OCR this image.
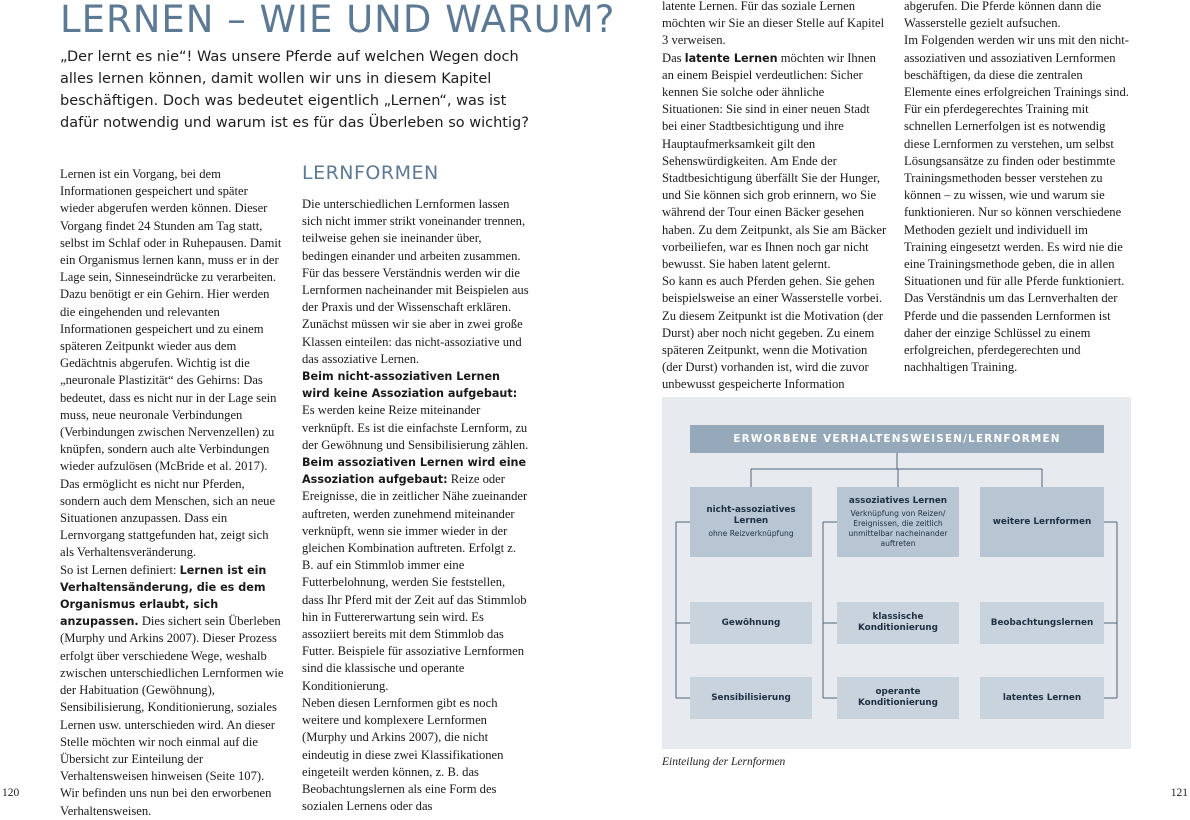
LERNEN – WIE UND WARUM?

„Der lernt es nie“! Was unsere Pferde auf welchen Wegen doch alles lernen können, damit wollen wir uns in diesem Kapitel beschäftigen. Doch was bedeutet eigentlich „Lernen“, was ist dafür notwendig und warum ist es für das Überleben so wichtig?

Lernen ist ein Vorgang, bei dem Informationen gespeichert und später wieder abgerufen werden können. Dieser Vorgang findet 24 Stunden am Tag statt, selbst im Schlaf oder in Ruhepausen. Damit ein Organismus lernen kann, muss er in der Lage sein, Sinneseindrücke zu verarbeiten. Dazu benötigt er ein Gehirn. Hier werden die eingehenden und relevanten Informationen gespeichert und zu einem späteren Zeitpunkt wieder aus dem Gedächtnis abgerufen. Wichtig ist die „neuronale Plastizität“ des Gehirns: Das bedeutet, dass es nicht nur in der Lage sein muss, neue neuronale Verbindungen (Verbindungen zwischen Nervenzellen) zu knüpfen, sondern auch alte Verbindungen wieder aufzulösen (McBride et al. 2017). Das ermöglicht es nicht nur Pferden, sondern auch dem Menschen, sich an neue Situationen anzupassen. Dass ein Lernvorgang stattgefunden hat, zeigt sich als Verhaltensveränderung.

So ist Lernen definiert: Lernen ist ein Verhaltensänderung, die es dem Organismus erlaubt, sich anzupassen. Dies sichert sein Überleben (Murphy und Arkins 2007). Dieser Prozess erfolgt über verschiedene Wege, weshalb zwischen unterschiedlichen Lernformen wie der Habituation (Gewöhnung), Sensibilisierung, Konditionierung, soziales Lernen usw. unterschieden wird. An dieser Stelle möchten wir noch einmal auf die Übersicht zur Einteilung der Verhaltensweisen hinweisen (Seite 107). Wir befinden uns nun bei den erworbenen Verhaltensweisen.

LERNFORMEN

Die unterschiedlichen Lernformen lassen sich nicht immer strikt voneinander trennen, teilweise gehen sie ineinander über, bedingen einander und arbeiten zusammen. Für das bessere Verständnis werden wir die Lernformen nacheinander mit Beispielen aus der Praxis und der Wissenschaft erklären. Zunächst müssen wir sie aber in zwei große Klassen einteilen: das nicht-assoziative und das assoziative Lernen.

Beim nicht-assoziativen Lernen wird keine Assoziation aufgebaut: Es werden keine Reize miteinander verknüpft. Es ist die einfachste Lernform, zu der Gewöhnung und Sensibilisierung zählen.

Beim assoziativen Lernen wird eine Assoziation aufgebaut: Reize oder Ereignisse, die in zeitlicher Nähe zueinander auftreten, werden zunehmend miteinander verknüpft, wenn sie immer wieder in der gleichen Kombination auftreten. Erfolgt z. B. auf ein Stimmlob immer eine Futterbelohnung, werden Sie feststellen, dass Ihr Pferd mit der Zeit auf das Stimmlob hin in Futtererwartung sein wird. Es assoziiert bereits mit dem Stimmlob das Futter. Beispiele für assoziative Lernformen sind die klassische und operante Konditionierung.

Neben diesen Lernformen gibt es noch weitere und komplexere Lernformen (Murphy und Arkins 2007), die nicht eindeutig in diese zwei Klassifikationen eingeteilt werden können, z. B. das Beobachtungslernen als eine Form des sozialen Lernens oder das

120

latente Lernen. Für das soziale Lernen möchten wir Sie an dieser Stelle auf Kapitel 3 verweisen.

Das latente Lernen möchten wir Ihnen an einem Beispiel verdeutlichen: Sicher kennen Sie solche oder ähnliche Situationen: Sie sind in einer neuen Stadt bei einer Stadtbesichtigung und ihre Hauptaufmerksamkeit gilt den Sehenswürdigkeiten. Am Ende der Stadtbesichtigung überfällt Sie der Hunger, und Sie können sich grob erinnern, wo Sie während der Tour einen Bäcker gesehen haben. Zu dem Zeitpunkt, als Sie am Bäcker vorbeiliefen, war es Ihnen noch gar nicht bewusst. Sie haben latent gelernt.

So kann es auch Pferden gehen. Sie gehen beispielsweise an einer Wasserstelle vorbei. Zu diesem Zeitpunkt ist die Motivation (der Durst) aber noch nicht gegeben. Zu einem späteren Zeitpunkt, wenn die Motivation (der Durst) vorhanden ist, wird die zuvor unbewusst gespeicherte Information

abgerufen. Die Pferde können dann die Wasserstelle gezielt aufsuchen.

Im Folgenden werden wir uns mit den nicht-assoziativen und assoziativen Lernformen beschäftigen, da diese die zentralen Elemente eines erfolgreichen Trainings sind. Für ein pferdegerechtes Training mit schnellen Lernerfolgen ist es notwendig diese Lernformen zu verstehen, um selbst Lösungsansätze zu finden oder bestimmte Trainingsmethoden besser verstehen zu können – zu wissen, wie und warum sie funktionieren. Nur so können verschiedene Methoden gezielt und individuell im Training eingesetzt werden. Es wird nie die eine Trainingsmethode geben, die in allen Situationen und für alle Pferde funktioniert. Das Verständnis um das Lernverhalten der Pferde und die passenden Lernformen ist daher der einzige Schlüssel zu einem erfolgreichen, pferdegerechten und nachhaltigen Training.

ERWORBENE VERHALTENSWEISEN/LERNFORMEN
nicht-assoziatives Lernen
ohne Reizverknüpfung
assoziatives Lernen
Verknüpfung von Reizen/ Ereignissen, die zeitlich unmittelbar nacheinander auftreten
weitere Lernformen
Gewöhnung
Sensibilisierung
klassische Konditionierung
operante Konditionierung
Beobachtungslernen
latentes Lernen
Einteilung der Lernformen
121
